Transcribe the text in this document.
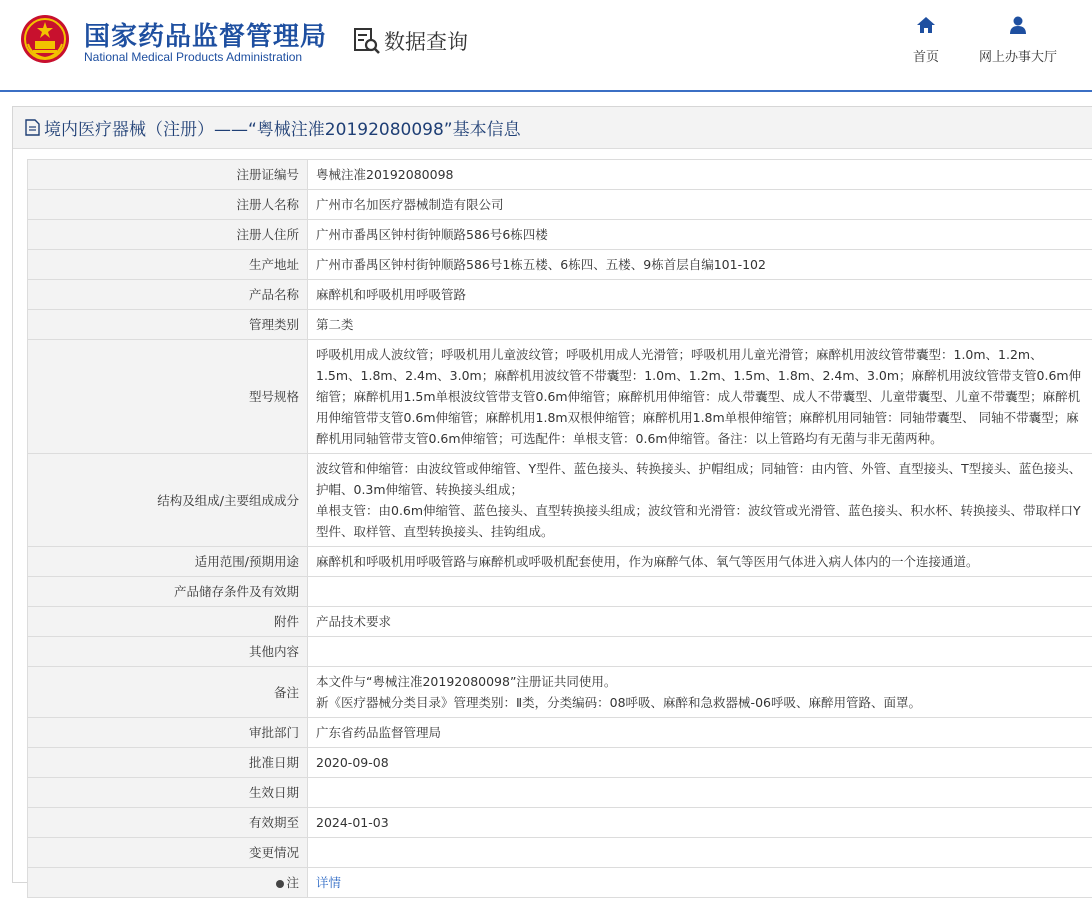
国家药品监督管理局
National Medical Products Administration
数据查询
首页	网上办事大厅
境内医疗器械（注册）——“粤械注准20192080098”基本信息
注册证编号	粤械注准20192080098
注册人名称	广州市名加医疗器械制造有限公司
注册人住所	广州市番禺区钟村街钟顺路586号6栋四楼
生产地址	广州市番禺区钟村街钟顺路586号1栋五楼、6栋四、五楼、9栋首层自编101-102
产品名称	麻醉机和呼吸机用呼吸管路
管理类别	第二类
型号规格	呼吸机用成人波纹管；呼吸机用儿童波纹管；呼吸机用成人光滑管；呼吸机用儿童光滑管；麻醉机用波纹管带囊型：1.0m、1.2m、1.5m、1.8m、2.4m、3.0m；麻醉机用波纹管不带囊型：1.0m、1.2m、1.5m、1.8m、2.4m、3.0m；麻醉机用波纹管带支管0.6m伸缩管；麻醉机用1.5m单根波纹管带支管0.6m伸缩管；麻醉机用伸缩管：成人带囊型、成人不带囊型、儿童带囊型、儿童不带囊型；麻醉机用伸缩管带支管0.6m伸缩管；麻醉机用1.8m双根伸缩管；麻醉机用1.8m单根伸缩管；麻醉机用同轴管：同轴带囊型、 同轴不带囊型；麻醉机用同轴管带支管0.6m伸缩管；可选配件：单根支管：0.6m伸缩管。备注：以上管路均有无菌与非无菌两种。
结构及组成/主要组成成分	波纹管和伸缩管：由波纹管或伸缩管、Y型件、蓝色接头、转换接头、护帽组成；同轴管：由内管、外管、直型接头、T型接头、蓝色接头、护帽、0.3m伸缩管、转换接头组成；
单根支管：由0.6m伸缩管、蓝色接头、直型转换接头组成；波纹管和光滑管：波纹管或光滑管、蓝色接头、积水杯、转换接头、带取样口Y型件、取样管、直型转换接头、挂钩组成。

适用范围/预期用途	麻醉机和呼吸机用呼吸管路与麻醉机或呼吸机配套使用，作为麻醉气体、氧气等医用气体进入病人体内的一个连接通道。
产品储存条件及有效期	
附件	产品技术要求
其他内容	
备注	本文件与“粤械注准20192080098”注册证共同使用。
新《医疗器械分类目录》管理类别：Ⅱ类，分类编码：08呼吸、麻醉和急救器械-06呼吸、麻醉用管路、面罩。

审批部门	广东省药品监督管理局
批准日期	2020-09-08
生效日期	
有效期至	2024-01-03
变更情况	
注	详情
